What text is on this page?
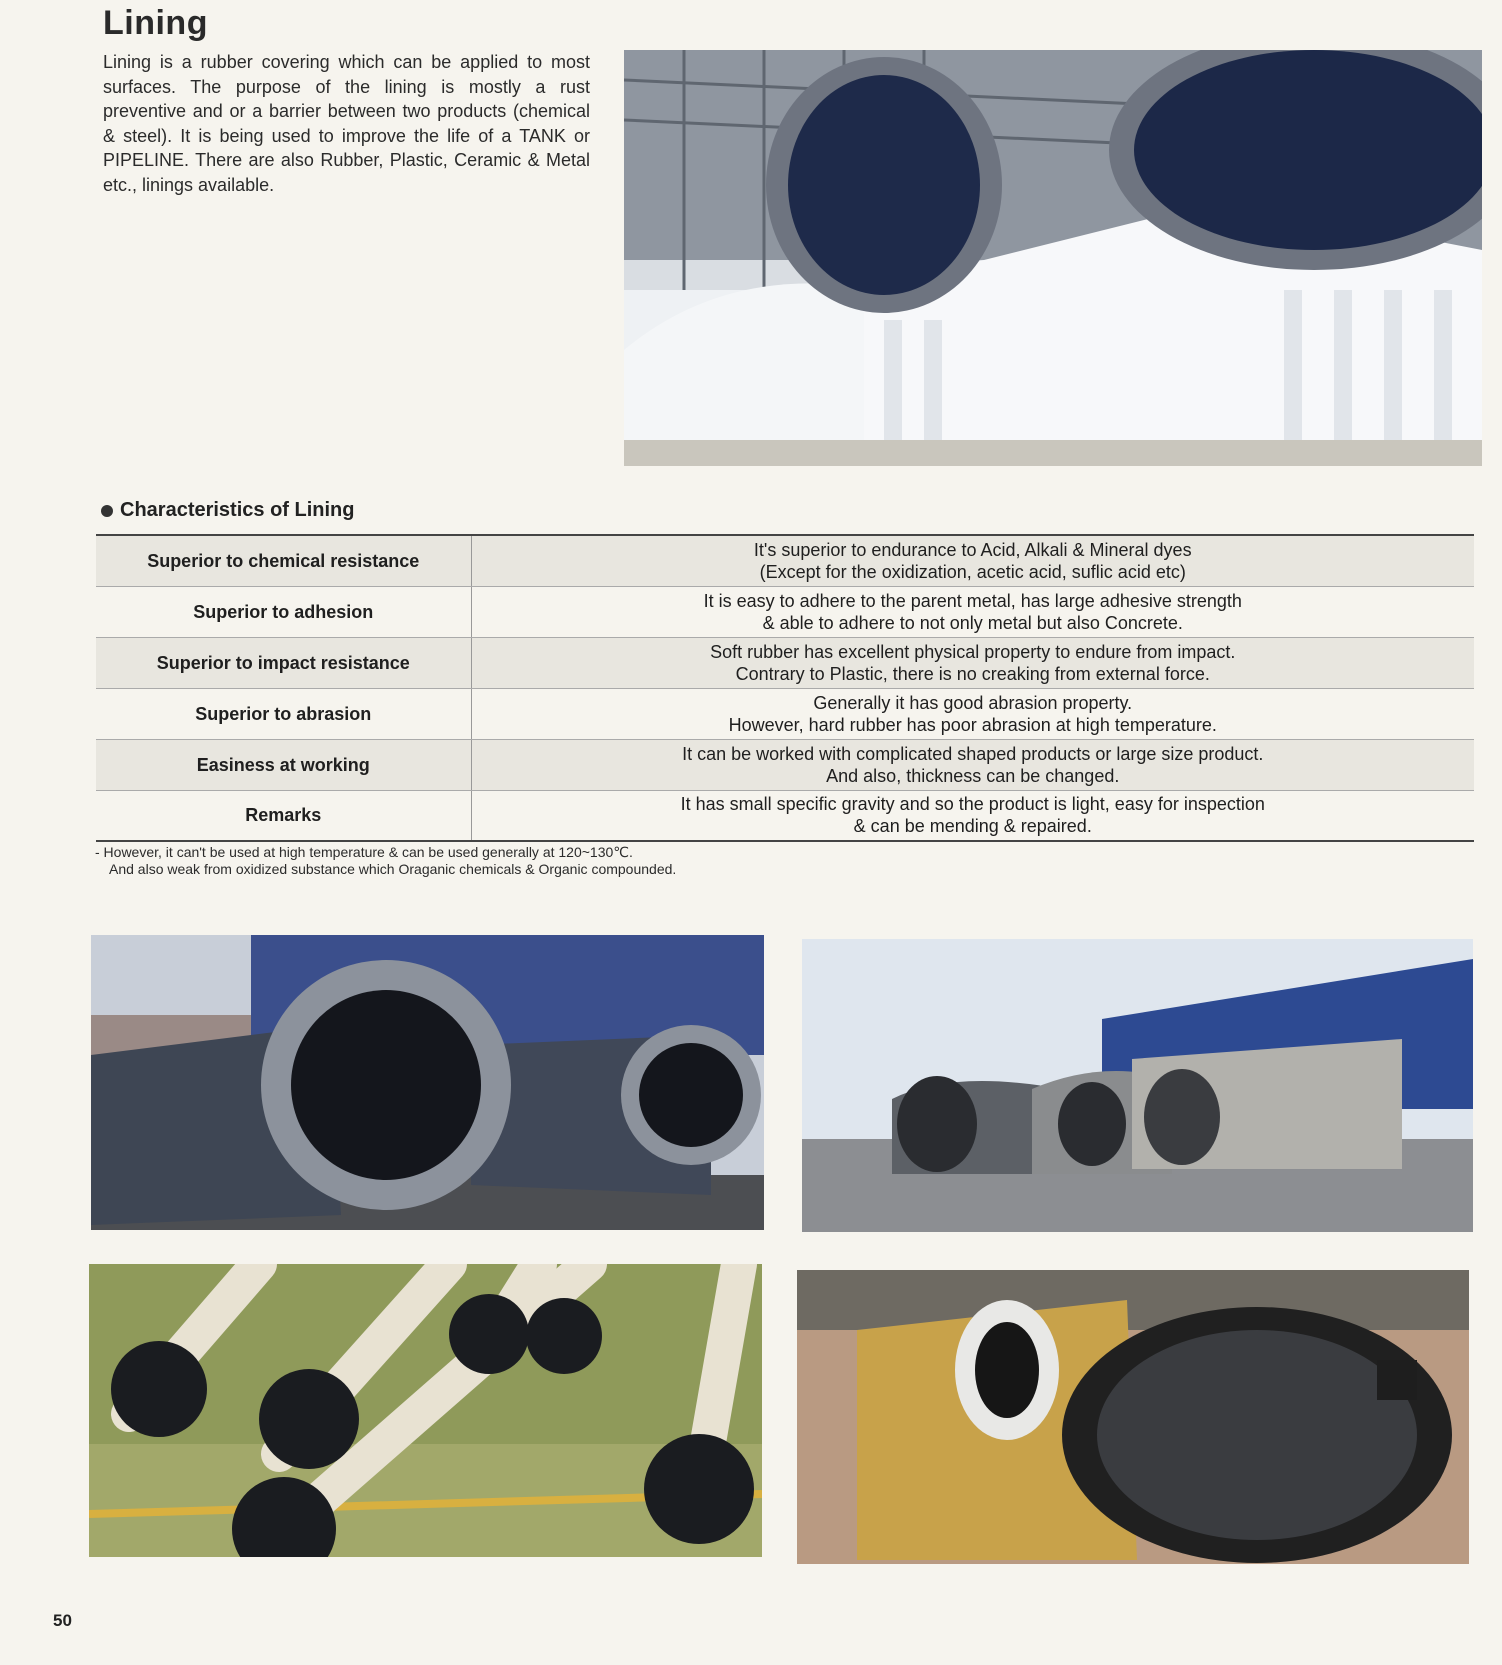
Lining

Lining is a rubber covering which can be applied to most surfaces. The purpose of the lining is mostly a rust preventive and or a barrier between two products (chemical & steel). It is being used to improve the life of a TANK or PIPELINE. There are also Rubber, Plastic, Ceramic & Metal etc., linings available.

Characteristics of Lining
Superior to chemical resistance	It's superior to endurance to Acid, Alkali & Mineral dyes
(Except for the oxidization, acetic acid, suflic acid etc)
Superior to adhesion	It is easy to adhere to the parent metal, has large adhesive strength
& able to adhere to not only metal but also Concrete.
Superior to impact resistance	Soft rubber has excellent physical property to endure from impact.
Contrary to Plastic, there is no creaking from external force.
Superior to abrasion	Generally it has good abrasion property.
However, hard rubber has poor abrasion at high temperature.
Easiness at working	It can be worked with complicated shaped products or large size product.
And also, thickness can be changed.
Remarks	It has small specific gravity and so the product is light, easy for inspection
& can be mending & repaired.
- However, it can't be used at high temperature & can be used generally at 120~130℃.
And also weak from oxidized substance which Oraganic chemicals & Organic compounded.
50
